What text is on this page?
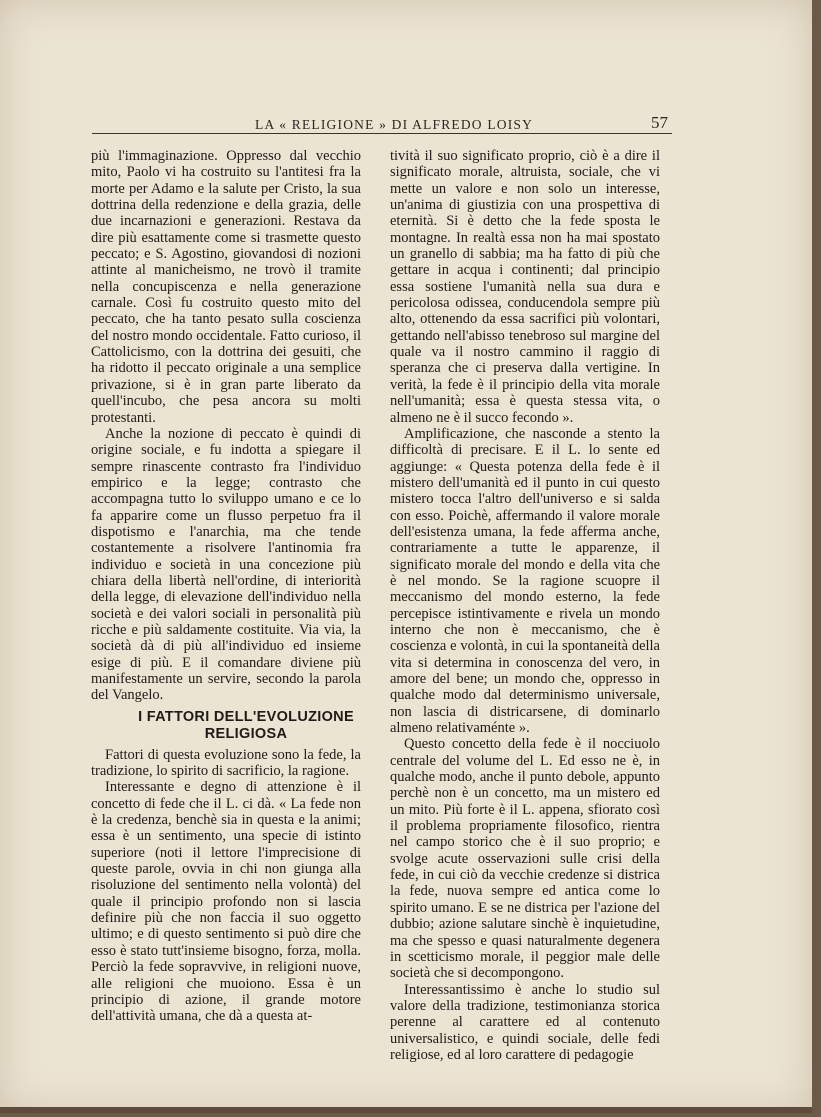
LA « RELIGIONE » DI ALFREDO LOISY	57

più l'immaginazione. Oppresso dal vecchio mito, Paolo vi ha costruito su l'antitesi fra la morte per Adamo e la salute per Cristo, la sua dottrina della redenzione e della grazia, delle due incarnazioni e generazioni. Restava da dire più esattamente come si trasmette questo peccato; e S. Agostino, giovandosi di nozioni attinte al manicheismo, ne trovò il tramite nella concupiscenza e nella generazione carnale. Così fu costruito questo mito del peccato, che ha tanto pesato sulla coscienza del nostro mondo occidentale. Fatto curioso, il Cattolicismo, con la dottrina dei gesuiti, che ha ridotto il peccato originale a una semplice privazione, si è in gran parte liberato da quell'incubo, che pesa ancora su molti protestanti.

Anche la nozione di peccato è quindi di origine sociale, e fu indotta a spiegare il sempre rinascente contrasto fra l'individuo empirico e la legge; contrasto che accompagna tutto lo sviluppo umano e ce lo fa apparire come un flusso perpetuo fra il dispotismo e l'anarchia, ma che tende costantemente a risolvere l'antinomia fra individuo e società in una concezione più chiara della libertà nell'ordine, di interiorità della legge, di elevazione dell'individuo nella società e dei valori sociali in personalità più ricche e più saldamente costituite. Via via, la società dà di più all'individuo ed insieme esige di più. E il comandare diviene più manifestamente un servire, secondo la parola del Vangelo.

I FATTORI DELL'EVOLUZIONE RELIGIOSA

Fattori di questa evoluzione sono la fede, la tradizione, lo spirito di sacrificio, la ragione.

Interessante e degno di attenzione è il concetto di fede che il L. ci dà. « La fede non è la credenza, benchè sia in questa e la animi; essa è un sentimento, una specie di istinto superiore (noti il lettore l'imprecisione di queste parole, ovvia in chi non giunga alla risoluzione del sentimento nella volontà) del quale il principio profondo non si lascia definire più che non faccia il suo oggetto ultimo; e di questo sentimento si può dire che esso è stato tutt'insieme bisogno, forza, molla. Perciò la fede sopravvive, in religioni nuove, alle religioni che muoiono. Essa è un principio di azione, il grande motore dell'attività umana, che dà a questa at-

tività il suo significato proprio, ciò è a dire il significato morale, altruista, sociale, che vi mette un valore e non solo un interesse, un'anima di giustizia con una prospettiva di eternità. Si è detto che la fede sposta le montagne. In realtà essa non ha mai spostato un granello di sabbia; ma ha fatto di più che gettare in acqua i continenti; dal principio essa sostiene l'umanità nella sua dura e pericolosa odissea, conducendola sempre più alto, ottenendo da essa sacrifici più volontari, gettando nell'abisso tenebroso sul margine del quale va il nostro cammino il raggio di speranza che ci preserva dalla vertigine. In verità, la fede è il principio della vita morale nell'umanità; essa è questa stessa vita, o almeno ne è il succo fecondo ».

Amplificazione, che nasconde a stento la difficoltà di precisare. E il L. lo sente ed aggiunge: « Questa potenza della fede è il mistero dell'umanità ed il punto in cui questo mistero tocca l'altro dell'universo e si salda con esso. Poichè, affermando il valore morale dell'esistenza umana, la fede afferma anche, contrariamente a tutte le apparenze, il significato morale del mondo e della vita che è nel mondo. Se la ragione scuopre il meccanismo del mondo esterno, la fede percepisce istintivamente e rivela un mondo interno che non è meccanismo, che è coscienza e volontà, in cui la spontaneità della vita si determina in conoscenza del vero, in amore del bene; un mondo che, oppresso in qualche modo dal determinismo universale, non lascia di districarsene, di dominarlo almeno relativaménte ».

Questo concetto della fede è il nocciuolo centrale del volume del L. Ed esso ne è, in qualche modo, anche il punto debole, appunto perchè non è un concetto, ma un mistero ed un mito. Più forte è il L. appena, sfiorato così il problema propriamente filosofico, rientra nel campo storico che è il suo proprio; e svolge acute osservazioni sulle crisi della fede, in cui ciò da vecchie credenze si districa la fede, nuova sempre ed antica come lo spirito umano. E se ne districa per l'azione del dubbio; azione salutare sinchè è inquietudine, ma che spesso e quasi naturalmente degenera in scetticismo morale, il peggior male delle società che si decompongono.

Interessantissimo è anche lo studio sul valore della tradizione, testimonianza storica perenne al carattere ed al contenuto universalistico, e quindi sociale, delle fedi religiose, ed al loro carattere di pedagogie
